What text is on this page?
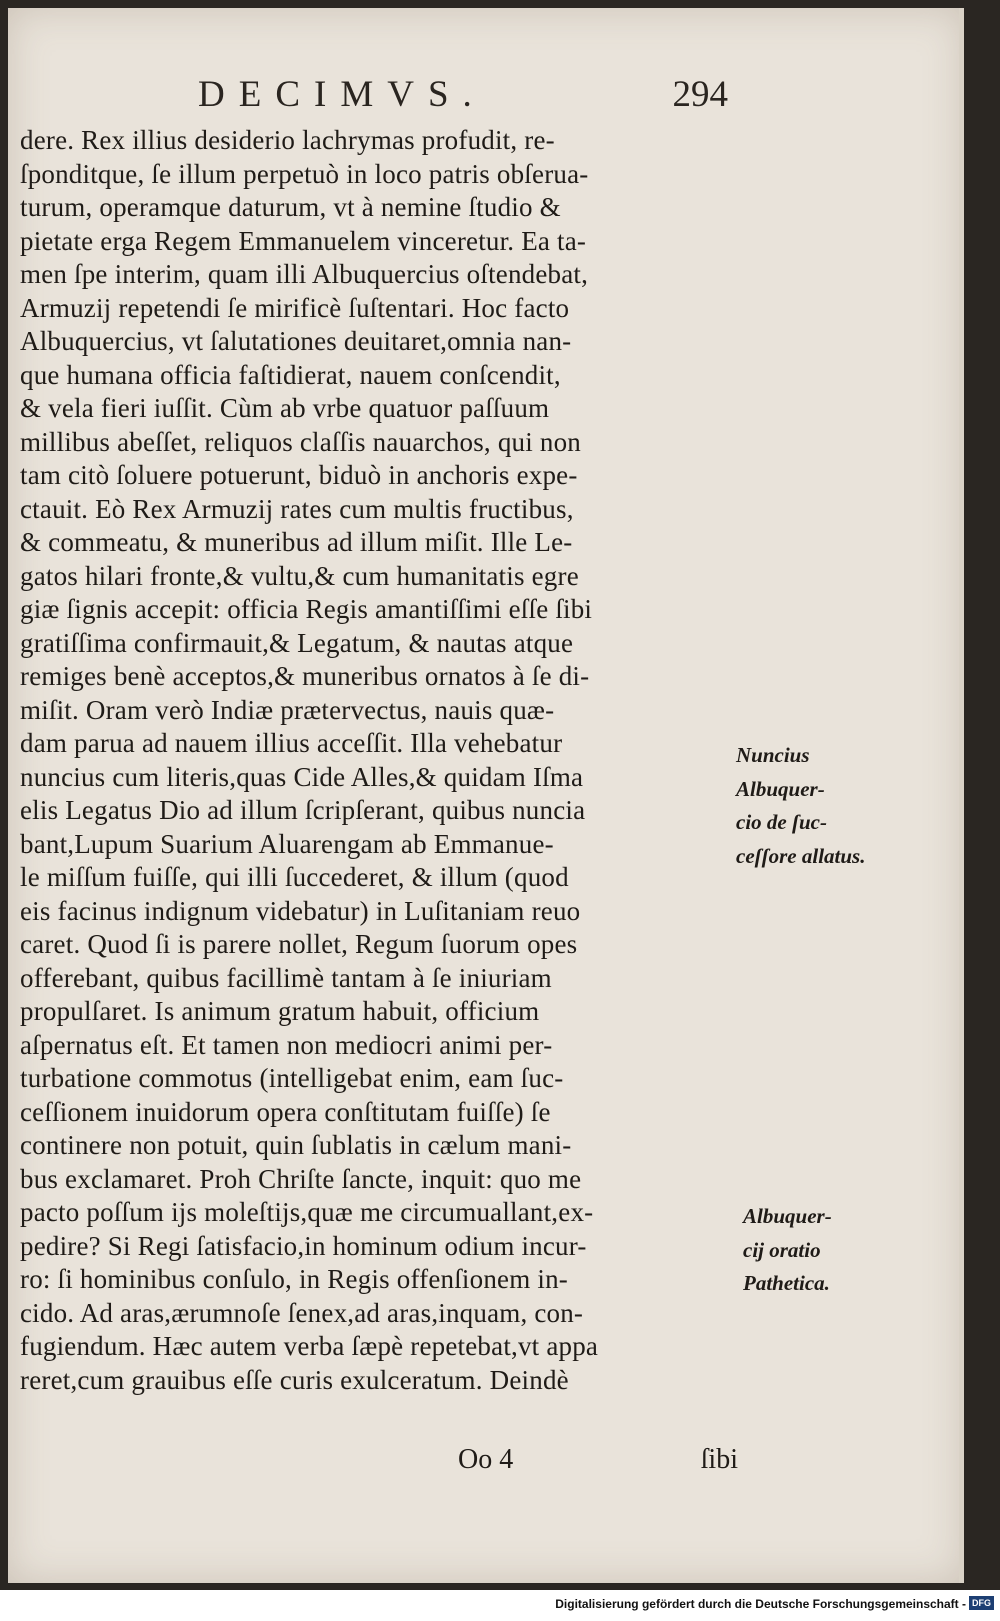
DECIMVS.	294
dere. Rex illius desiderio lachrymas profudit, re-
ſponditque, ſe illum perpetuò in loco patris obſerua-
turum, operamque daturum, vt à nemine ſtudio &
pietate erga Regem Emmanuelem vinceretur. Ea ta-
men ſpe interim, quam illi Albuquercius oſtendebat,
Armuzij repetendi ſe mirificè ſuſtentari. Hoc facto
Albuquercius, vt ſalutationes deuitaret,omnia nan-
que humana officia faſtidierat, nauem conſcendit,
& vela fieri iuſſit. Cùm ab vrbe quatuor paſſuum
millibus abeſſet, reliquos claſſis nauarchos, qui non
tam citò ſoluere potuerunt, biduò in anchoris expe-
ctauit. Eò Rex Armuzij rates cum multis fructibus,
& commeatu, & muneribus ad illum miſit. Ille Le-
gatos hilari fronte,& vultu,& cum humanitatis egre
giæ ſignis accepit: officia Regis amantiſſimi eſſe ſibi
gratiſſima confirmauit,& Legatum, & nautas atque
remiges benè acceptos,& muneribus ornatos à ſe di-
miſit. Oram verò Indiæ prætervectus, nauis quæ-
dam parua ad nauem illius acceſſit. Illa vehebatur
nuncius cum literis,quas Cide Alles,& quidam Iſma
elis Legatus Dio ad illum ſcripſerant, quibus nuncia
bant,Lupum Suarium Aluarengam ab Emmanue-
le miſſum fuiſſe, qui illi ſuccederet, & illum (quod
eis facinus indignum videbatur) in Luſitaniam reuo
caret. Quod ſi is parere nollet, Regum ſuorum opes
offerebant, quibus facillimè tantam à ſe iniuriam
propulſaret. Is animum gratum habuit, officium
aſpernatus eſt. Et tamen non mediocri animi per-
turbatione commotus (intelligebat enim, eam ſuc-
ceſſionem inuidorum opera conſtitutam fuiſſe) ſe
continere non potuit, quin ſublatis in cælum mani-
bus exclamaret. Proh Chriſte ſancte, inquit: quo me
pacto poſſum ijs moleſtijs,quæ me circumuallant,ex-
pedire? Si Regi ſatisfacio,in hominum odium incur-
ro: ſi hominibus conſulo, in Regis offenſionem in-
cido. Ad aras,ærumnoſe ſenex,ad aras,inquam, con-
fugiendum. Hæc autem verba ſæpè repetebat,vt appa
reret,cum grauibus eſſe curis exulceratum. Deindè
Nuncius
Albuquer-
cio de ſuc-
ceſſore allatus.
Albuquer-
cij oratio
Pathetica.
Oo 4	ſibi
Digitalisierung gefördert durch die Deutsche Forschungsgemeinschaft - DFG
